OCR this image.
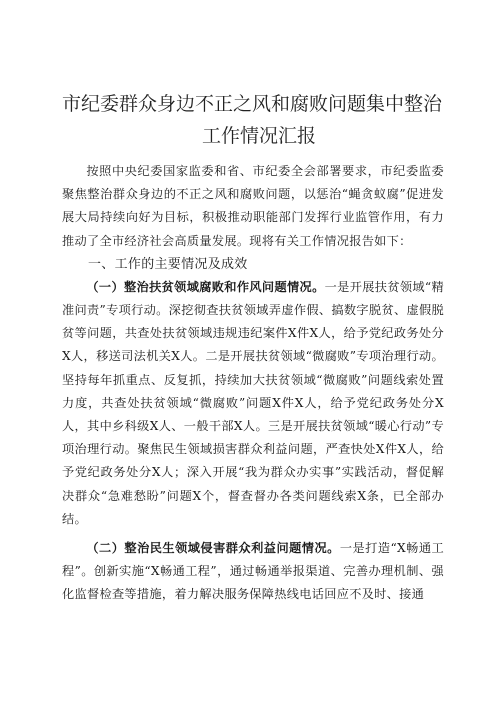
市纪委群众身边不正之风和腐败问题集中整治
工作情况汇报

按照中央纪委国家监委和省、市纪委全会部署要求，市纪委监委聚焦整治群众身边的不正之风和腐败问题，以惩治“蝇贪蚁腐”促进发展大局持续向好为目标，积极推动职能部门发挥行业监管作用，有力推动了全市经济社会高质量发展。现将有关工作情况报告如下：

一、工作的主要情况及成效

（一）整治扶贫领域腐败和作风问题情况。一是开展扶贫领域“精准问责”专项行动。深挖彻查扶贫领域弄虚作假、搞数字脱贫、虚假脱贫等问题，共查处扶贫领域违规违纪案件X件X人，给予党纪政务处分X人，移送司法机关X人。二是开展扶贫领域“微腐败”专项治理行动。坚持每年抓重点、反复抓，持续加大扶贫领域“微腐败”问题线索处置力度，共查处扶贫领域“微腐败”问题X件X人，给予党纪政务处分X人，其中乡科级X人、一般干部X人。三是开展扶贫领域“暖心行动”专项治理行动。聚焦民生领域损害群众利益问题，严查快处X件X人，给予党纪政务处分X人；深入开展“我为群众办实事”实践活动，督促解决群众“急难愁盼”问题X个，督查督办各类问题线索X条，已全部办结。

（二）整治民生领域侵害群众利益问题情况。一是打造“X畅通工程”。创新实施“X畅通工程”，通过畅通举报渠道、完善办理机制、强化监督检查等措施，着力解决服务保障热线电话回应不及时、接通
